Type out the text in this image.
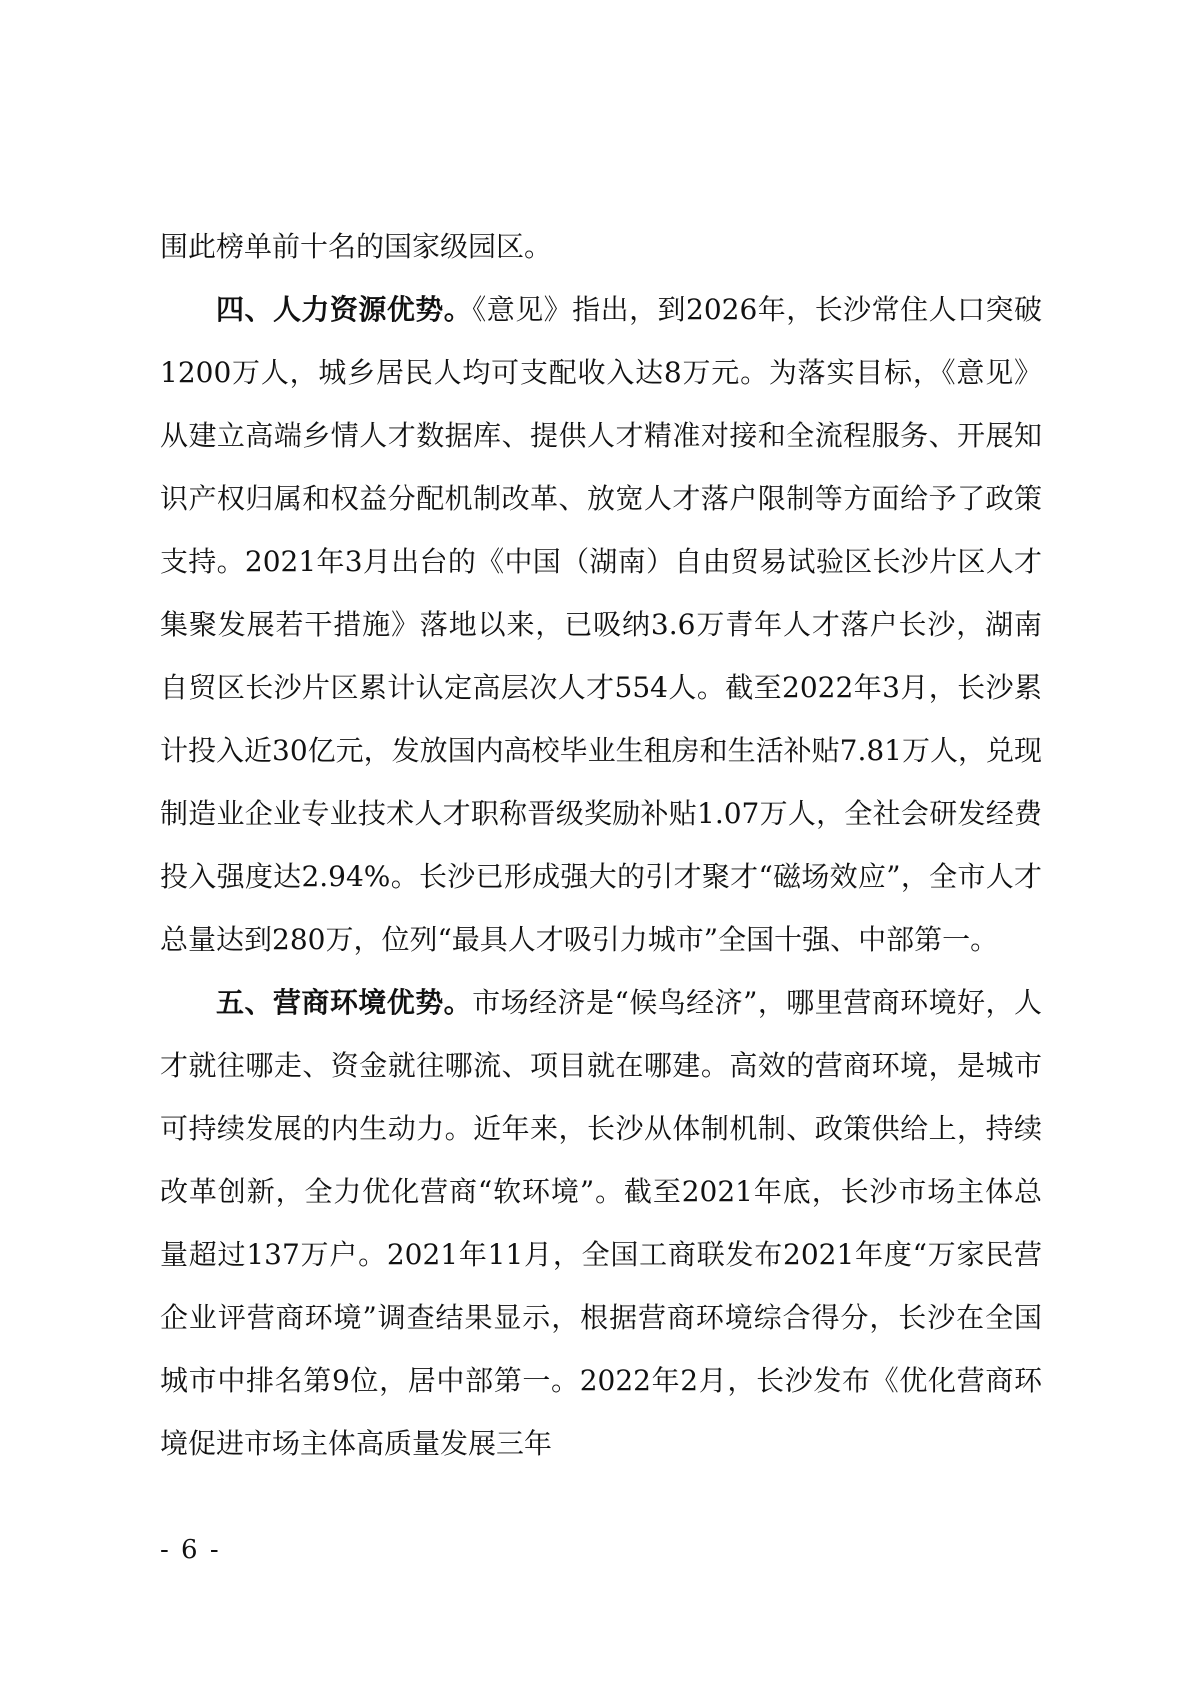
围此榜单前十名的国家级园区。

四、人力资源优势。《意见》指出，到2026年，长沙常住人口突破1200万人，城乡居民人均可支配收入达8万元。为落实目标，《意见》从建立高端乡情人才数据库、提供人才精准对接和全流程服务、开展知识产权归属和权益分配机制改革、放宽人才落户限制等方面给予了政策支持。2021年3月出台的《中国（湖南）自由贸易试验区长沙片区人才集聚发展若干措施》落地以来，已吸纳3.6万青年人才落户长沙，湖南自贸区长沙片区累计认定高层次人才554人。截至2022年3月，长沙累计投入近30亿元，发放国内高校毕业生租房和生活补贴7.81万人，兑现制造业企业专业技术人才职称晋级奖励补贴1.07万人，全社会研发经费投入强度达2.94%。长沙已形成强大的引才聚才“磁场效应”，全市人才总量达到280万，位列“最具人才吸引力城市”全国十强、中部第一。

五、营商环境优势。市场经济是“候鸟经济”，哪里营商环境好，人才就往哪走、资金就往哪流、项目就在哪建。高效的营商环境，是城市可持续发展的内生动力。近年来，长沙从体制机制、政策供给上，持续改革创新，全力优化营商“软环境”。截至2021年底，长沙市场主体总量超过137万户。2021年11月，全国工商联发布2021年度“万家民营企业评营商环境”调查结果显示，根据营商环境综合得分，长沙在全国城市中排名第9位，居中部第一。2022年2月，长沙发布《优化营商环境促进市场主体高质量发展三年

- 6 -
